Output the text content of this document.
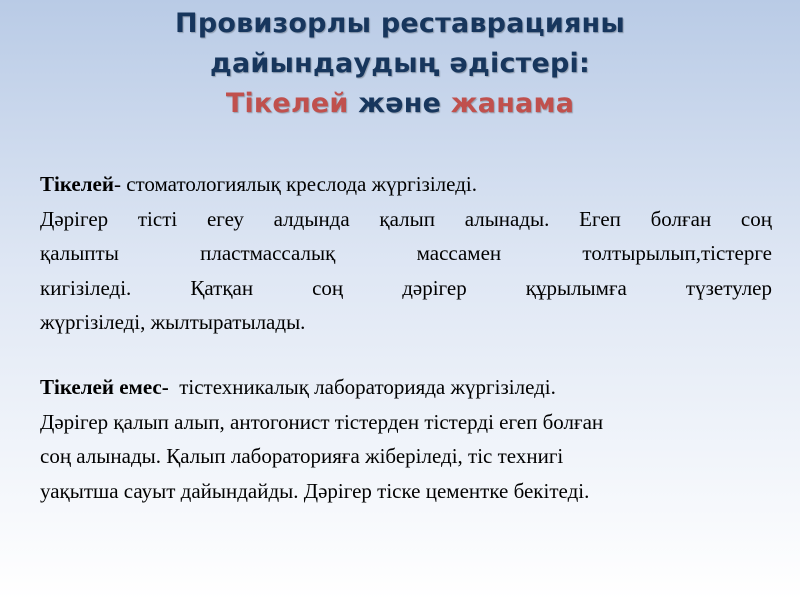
Провизорлы реставрацияны
дайындаудың әдістері:
Тікелей және жанама
Тікелей- стоматологиялық креслода жүргізіледі.
Дәрігер тісті егеу алдында қалып алынады. Егеп болған соң
қалыпты пластмассалық массамен толтырылып,тістерге
кигізіледі. Қатқан соң дәрігер құрылымға түзетулер
жүргізіледі, жылтыратылады.
Тікелей емес-  тістехникалық лабораторияда жүргізіледі.
Дәрігер қалып алып, антогонист тістерден тістерді егеп болған
соң алынады. Қалып лабораторияға жіберіледі, тіс технигі
уақытша сауыт дайындайды. Дәрігер тіске цементке бекітеді.
